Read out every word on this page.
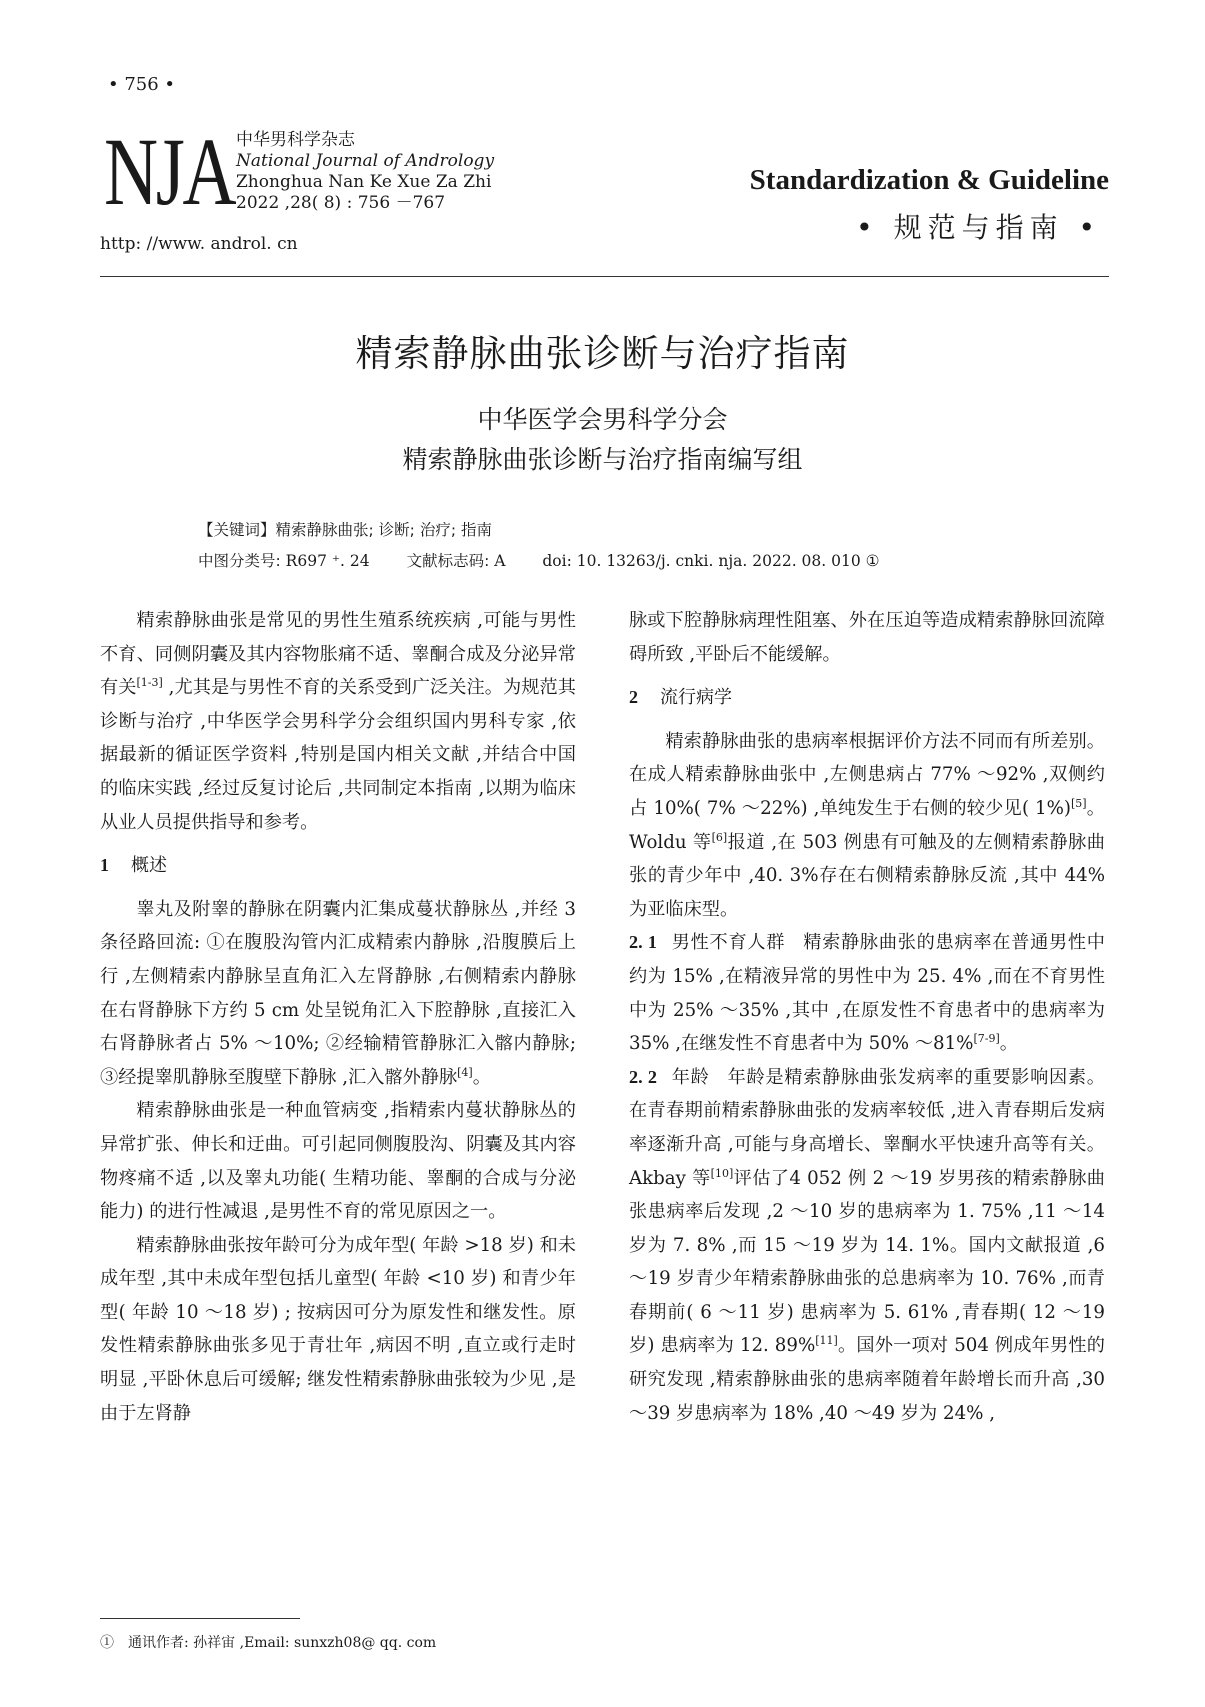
• 756 •
NJA 中华男科学杂志
National Journal of Andrology
Zhonghua Nan Ke Xue Za Zhi
2022 ,28( 8) : 756 －767
http: //www. androl. cn
Standardization & Guideline
• 规范与指南 •
精索静脉曲张诊断与治疗指南
中华医学会男科学分会
精索静脉曲张诊断与治疗指南编写组
【关键词】精索静脉曲张; 诊断; 治疗; 指南
中图分类号: R697 ⁺. 24 文献标志码: A doi: 10. 13263/j. cnki. nja. 2022. 08. 010 ①

精索静脉曲张是常见的男性生殖系统疾病 ,可能与男性不育、同侧阴囊及其内容物胀痛不适、睾酮合成及分泌异常有关[1-3] ,尤其是与男性不育的关系受到广泛关注。为规范其诊断与治疗 ,中华医学会男科学分会组织国内男科专家 ,依据最新的循证医学资料 ,特别是国内相关文献 ,并结合中国的临床实践 ,经过反复讨论后 ,共同制定本指南 ,以期为临床从业人员提供指导和参考。

1 概述

睾丸及附睾的静脉在阴囊内汇集成蔓状静脉丛 ,并经 3 条径路回流: ①在腹股沟管内汇成精索内静脉 ,沿腹膜后上行 ,左侧精索内静脉呈直角汇入左肾静脉 ,右侧精索内静脉在右肾静脉下方约 5 cm 处呈锐角汇入下腔静脉 ,直接汇入右肾静脉者占 5% ～10%; ②经输精管静脉汇入髂内静脉; ③经提睾肌静脉至腹壁下静脉 ,汇入髂外静脉[4]。

精索静脉曲张是一种血管病变 ,指精索内蔓状静脉丛的异常扩张、伸长和迂曲。可引起同侧腹股沟、阴囊及其内容物疼痛不适 ,以及睾丸功能( 生精功能、睾酮的合成与分泌能力) 的进行性减退 ,是男性不育的常见原因之一。

精索静脉曲张按年龄可分为成年型( 年龄 >18 岁) 和未成年型 ,其中未成年型包括儿童型( 年龄 <10 岁) 和青少年型( 年龄 10 ～18 岁) ; 按病因可分为原发性和继发性。原发性精索静脉曲张多见于青壮年 ,病因不明 ,直立或行走时明显 ,平卧休息后可缓解; 继发性精索静脉曲张较为少见 ,是由于左肾静

脉或下腔静脉病理性阻塞、外在压迫等造成精索静脉回流障碍所致 ,平卧后不能缓解。

2 流行病学

精索静脉曲张的患病率根据评价方法不同而有所差别。在成人精索静脉曲张中 ,左侧患病占 77% ～92% ,双侧约占 10%( 7% ～22%) ,单纯发生于右侧的较少见( 1%)[5]。Woldu 等[6]报道 ,在 503 例患有可触及的左侧精索静脉曲张的青少年中 ,40. 3%存在右侧精索静脉反流 ,其中 44% 为亚临床型。

2. 1 男性不育人群 精索静脉曲张的患病率在普通男性中约为 15% ,在精液异常的男性中为 25. 4% ,而在不育男性中为 25% ～35% ,其中 ,在原发性不育患者中的患病率为 35% ,在继发性不育患者中为 50% ～81%[7-9]。

2. 2 年龄 年龄是精索静脉曲张发病率的重要影响因素。在青春期前精索静脉曲张的发病率较低 ,进入青春期后发病率逐渐升高 ,可能与身高增长、睾酮水平快速升高等有关。Akbay 等[10]评估了4 052 例 2 ～19 岁男孩的精索静脉曲张患病率后发现 ,2 ～10 岁的患病率为 1. 75% ,11 ～14 岁为 7. 8% ,而 15 ～19 岁为 14. 1%。国内文献报道 ,6 ～19 岁青少年精索静脉曲张的总患病率为 10. 76% ,而青春期前( 6 ～11 岁) 患病率为 5. 61% ,青春期( 12 ～19 岁) 患病率为 12. 89%[11]。国外一项对 504 例成年男性的研究发现 ,精索静脉曲张的患病率随着年龄增长而升高 ,30 ～39 岁患病率为 18% ,40 ～49 岁为 24% ,

①　通讯作者: 孙祥宙 ,Email: sunxzh08@ qq. com
